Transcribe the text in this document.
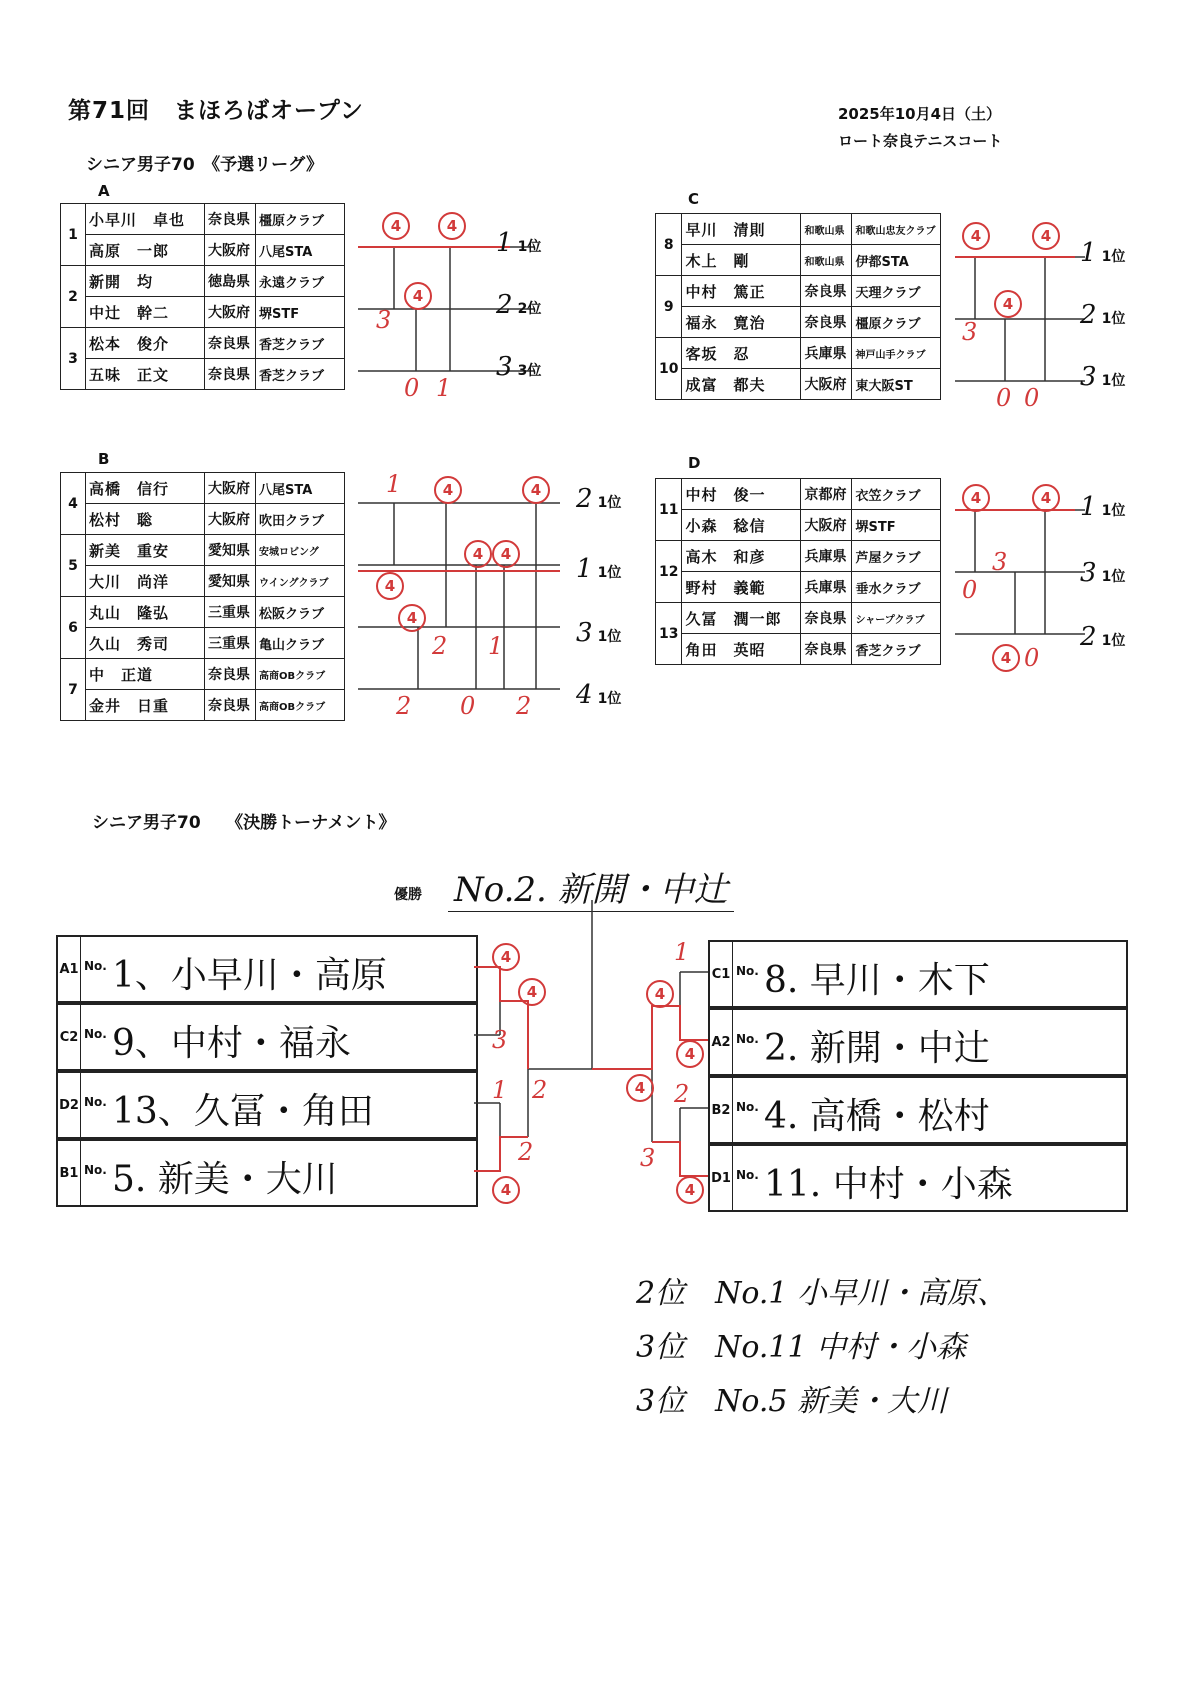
第71回　まほろばオープン	2025年10月4日（土）
ロート奈良テニスコート
シニア男子70　《予選リーグ》
A
1	小早川　卓也	奈良県	橿原クラブ
	高原　一郎	大阪府	八尾STA
2	新開　均	徳島県	永遠クラブ
	中辻　幹二	大阪府	堺STF
3	松本　俊介	奈良県	香芝クラブ
	五味　正文	奈良県	香芝クラブ
B
4	高橋　信行	大阪府	八尾STA
	松村　聡	大阪府	吹田クラブ
5	新美　重安	愛知県	安城ロビング
	大川　尚洋	愛知県	ウイングクラブ
6	丸山　隆弘	三重県	松阪クラブ
	久山　秀司	三重県	亀山クラブ
7	中　正道	奈良県	高商OBクラブ
	金井　日重	奈良県	高商OBクラブ
C
8	早川　清則	和歌山県	和歌山忠友クラブ
	木上　剛	和歌山県	伊都STA
9	中村　篤正	奈良県	天理クラブ
	福永　寛治	奈良県	橿原クラブ
10	客坂　忍	兵庫県	神戸山手クラブ
	成富　都夫	大阪府	東大阪ST
D
11	中村　俊一	京都府	衣笠クラブ
	小森　稔信	大阪府	堺STF
12	高木　和彦	兵庫県	芦屋クラブ
	野村　義範	兵庫県	垂水クラブ
13	久冨　潤一郎	奈良県	シャープクラブ
	角田　英昭	奈良県	香芝クラブ
1 1位
2 2位
3 3位
4	4
4
3
0 1
2 1位
1 1位
3 1位
4 1位
1	4	4
4	4
4
4
2 1
2 0 2
1 1位
2 1位
3 1位
4	4
4
3
0 0
1 1位
3 1位
2 1位
4	4
4
3
0
0
シニア男子70　　《決勝トーナメント》
優勝 No.2. 新開・中辻
A1 No. 1、小早川・高原
C2 No. 9、中村・福永
D2 No. 13、久冨・角田
B1 No. 5. 新美・大川
C1 No. 8. 早川・木下
A2 No. 2. 新開・中辻
B2 No. 4. 高橋・松村
D1 No. 11. 中村・小森
4
3
1
4
4
2
2
1
4
2
4
4
3
4
2位　 No.1 小早川・高原、
3位　 No.11 中村・小森
3位　 No.5 新美・大川
